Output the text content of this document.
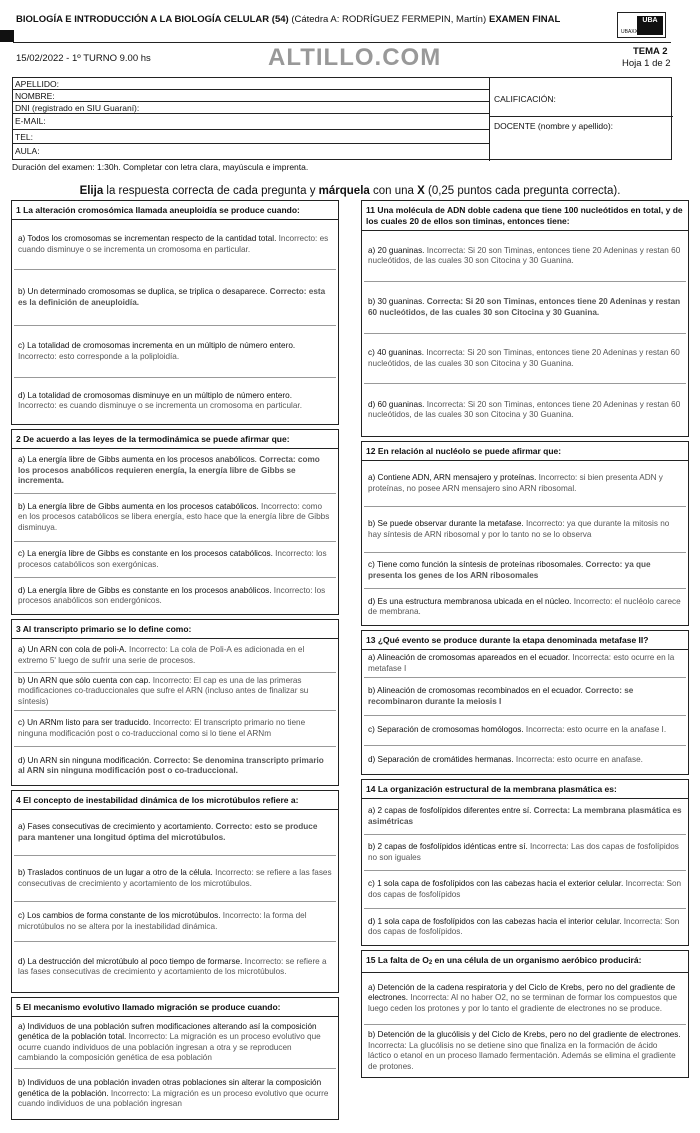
BIOLOGÍA E INTRODUCCIÓN A LA BIOLOGÍA CELULAR (54) (Cátedra A: RODRÍGUEZ FERMEPIN, Martín) EXAMEN FINAL	UBA
UBAXXI
15/02/2022 - 1º TURNO 9.00 hs	ALTILLO.COM	TEMA 2
Hoja 1 de 2
APELLIDO:
NOMBRE:
DNI (registrado en SIU Guaraní):
E-MAIL:
TEL:
AULA:
CALIFICACIÓN:
DOCENTE (nombre y apellido):
Duración del examen: 1:30h. Completar con letra clara, mayúscula e imprenta.
Elija la respuesta correcta de cada pregunta y márquela con una X (0,25 puntos cada pregunta correcta).
1 La alteración cromosómica llamada aneuploidía se produce cuando:
a) Todos los cromosomas se incrementan respecto de la cantidad total. Incorrecto: es cuando disminuye o se incrementa un cromosoma en particular.
b) Un determinado cromosomas se duplica, se triplica o desaparece. Correcto: esta es la definición de aneuploidía.
c) La totalidad de cromosomas incrementa en un múltiplo de número entero. Incorrecto: esto corresponde a la poliploidía.
d) La totalidad de cromosomas disminuye en un múltiplo de número entero. Incorrecto: es cuando disminuye o se incrementa un cromosoma en particular.
2 De acuerdo a las leyes de la termodinámica se puede afirmar que:
a) La energía libre de Gibbs aumenta en los procesos anabólicos. Correcta: como los procesos anabólicos requieren energía, la energía libre de Gibbs se incrementa.
b) La energía libre de Gibbs aumenta en los procesos catabólicos. Incorrecto: como en los procesos catabólicos se libera energía, esto hace que la energía libre de Gibbs disminuya.
c) La energía libre de Gibbs es constante en los procesos catabólicos. Incorrecto: los procesos catabólicos son exergónicas.
d) La energía libre de Gibbs es constante en los procesos anabólicos. Incorrecto: los procesos anabólicos son endergónicos.
3 Al transcripto primario se lo define como:
a) Un ARN con cola de poli-A. Incorrecto: La cola de Poli-A es adicionada en el extremo 5' luego de sufrir una serie de procesos.
b) Un ARN que sólo cuenta con cap. Incorrecto: El cap es una de las primeras modificaciones co-traduccionales que sufre el ARN (incluso antes de finalizar su síntesis)
c) Un ARNm listo para ser traducido. Incorrecto: El transcripto primario no tiene ninguna modificación post o co-traduccional como si lo tiene el ARNm
d) Un ARN sin ninguna modificación. Correcto: Se denomina transcripto primario al ARN sin ninguna modificación post o co-traduccional.
4 El concepto de inestabilidad dinámica de los microtúbulos refiere a:
a) Fases consecutivas de crecimiento y acortamiento. Correcto: esto se produce para mantener una longitud óptima del microtúbulos.
b) Traslados continuos de un lugar a otro de la célula. Incorrecto: se refiere a las fases consecutivas de crecimiento y acortamiento de los microtúbulos.
c) Los cambios de forma constante de los microtúbulos. Incorrecto: la forma del microtúbulos no se altera por la inestabilidad dinámica.
d) La destrucción del microtúbulo al poco tiempo de formarse. Incorrecto: se refiere a las fases consecutivas de crecimiento y acortamiento de los microtúbulos.
5 El mecanismo evolutivo llamado migración se produce cuando:
a) Individuos de una población sufren modificaciones alterando así la composición genética de la población total. Incorrecto: La migración es un proceso evolutivo que ocurre cuando individuos de una población ingresan a otra y se reproducen cambiando la composición genética de esa población
b) Individuos de una población invaden otras poblaciones sin alterar la composición genética de la población. Incorrecto: La migración es un proceso evolutivo que ocurre cuando individuos de una población ingresan
11 Una molécula de ADN doble cadena que tiene 100 nucleótidos en total, y de los cuales 20 de ellos son timinas, entonces tiene:
a) 20 guaninas. Incorrecta: Si 20 son Timinas, entonces tiene 20 Adeninas y restan 60 nucleótidos, de las cuales 30 son Citocina y 30 Guanina.
b) 30 guaninas. Correcta: Si 20 son Timinas, entonces tiene 20 Adeninas y restan 60 nucleótidos, de las cuales 30 son Citocina y 30 Guanina.
c) 40 guaninas. Incorrecta: Si 20 son Timinas, entonces tiene 20 Adeninas y restan 60 nucleótidos, de las cuales 30 son Citocina y 30 Guanina.
d) 60 guaninas. Incorrecta: Si 20 son Timinas, entonces tiene 20 Adeninas y restan 60 nucleótidos, de las cuales 30 son Citocina y 30 Guanina.
12 En relación al nucléolo se puede afirmar que:
a) Contiene ADN, ARN mensajero y proteínas. Incorrecto: si bien presenta ADN y proteínas, no posee ARN mensajero sino ARN ribosomal.
b) Se puede observar durante la metafase. Incorrecto: ya que durante la mitosis no hay síntesis de ARN ribosomal y por lo tanto no se lo observa
c) Tiene como función la síntesis de proteínas ribosomales. Correcto: ya que presenta los genes de los ARN ribosomales
d) Es una estructura membranosa ubicada en el núcleo. Incorrecto: el nucléolo carece de membrana.
13 ¿Qué evento se produce durante la etapa denominada metafase II?
a) Alineación de cromosomas apareados en el ecuador. Incorrecta: esto ocurre en la metafase I
b) Alineación de cromosomas recombinados en el ecuador. Correcto: se recombinaron durante la meiosis I
c) Separación de cromosomas homólogos. Incorrecta: esto ocurre en la anafase I.
d) Separación de cromátides hermanas. Incorrecta: esto ocurre en anafase.
14 La organización estructural de la membrana plasmática es:
a) 2 capas de fosfolípidos diferentes entre sí. Correcta: La membrana plasmática es asimétricas
b) 2 capas de fosfolípidos idénticas entre sí. Incorrecta: Las dos capas de fosfolípidos no son iguales
c) 1 sola capa de fosfolípidos con las cabezas hacia el exterior celular. Incorrecta: Son dos capas de fosfolípidos
d) 1 sola capa de fosfolípidos con las cabezas hacia el interior celular. Incorrecta: Son dos capas de fosfolípidos.
15 La falta de O2 en una célula de un organismo aeróbico producirá:
a) Detención de la cadena respiratoria y del Ciclo de Krebs, pero no del gradiente de electrones. Incorrecta: Al no haber O2, no se terminan de formar los compuestos que luego ceden los protones y por lo tanto el gradiente de electrones no se produce.
b) Detención de la glucólisis y del Ciclo de Krebs, pero no del gradiente de electrones. Incorrecta: La glucólisis no se detiene sino que finaliza en la formación de ácido láctico o etanol en un proceso llamado fermentación. Además se elimina el gradiente de protones.
